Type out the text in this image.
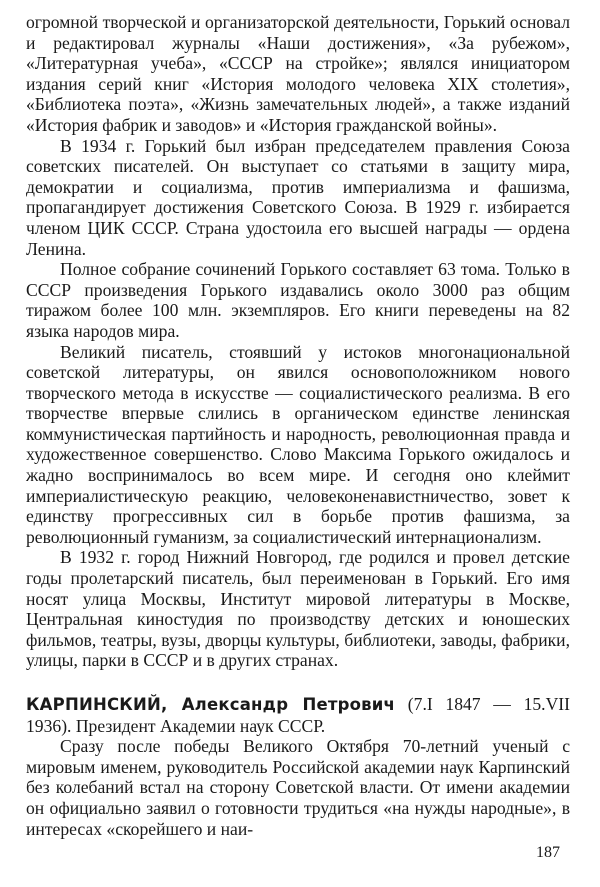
огромной творческой и организаторской деятельности, Горький основал и редактировал журналы «Наши достижения», «За рубежом», «Литературная учеба», «СССР на стройке»; являлся инициатором издания серий книг «История молодого человека XIX столетия», «Библиотека поэта», «Жизнь замечательных людей», а также изданий «История фабрик и заводов» и «История гражданской войны».

В 1934 г. Горький был избран председателем правления Союза советских писателей. Он выступает со статьями в защиту мира, демократии и социализма, против империализма и фашизма, пропагандирует достижения Советского Союза. В 1929 г. избирается членом ЦИК СССР. Страна удостоила его высшей награды — ордена Ленина.

Полное собрание сочинений Горького составляет 63 тома. Только в СССР произведения Горького издавались около 3000 раз общим тиражом более 100 млн. экземпляров. Его книги переведены на 82 языка народов мира.

Великий писатель, стоявший у истоков многонациональной советской литературы, он явился основоположником нового творческого метода в искусстве — социалистического реализма. В его творчестве впервые слились в органическом единстве ленинская коммунистическая партийность и народность, революционная правда и художественное совершенство. Слово Максима Горького ожидалось и жадно воспринималось во всем мире. И сегодня оно клеймит империалистическую реакцию, человеконенавистничество, зовет к единству прогрессивных сил в борьбе против фашизма, за революционный гуманизм, за социалистический интернационализм.

В 1932 г. город Нижний Новгород, где родился и провел детские годы пролетарский писатель, был переименован в Горький. Его имя носят улица Москвы, Институт мировой литературы в Москве, Центральная киностудия по производству детских и юношеских фильмов, театры, вузы, дворцы культуры, библиотеки, заводы, фабрики, улицы, парки в СССР и в других странах.

КАРПИНСКИЙ, Александр Петрович (7.I 1847 — 15.VII 1936). Президент Академии наук СССР.

Сразу после победы Великого Октября 70-летний ученый с мировым именем, руководитель Российской академии наук Карпинский без колебаний встал на сторону Советской власти. От имени академии он официально заявил о готовности трудиться «на нужды народные», в интересах «скорейшего и наи-

187
